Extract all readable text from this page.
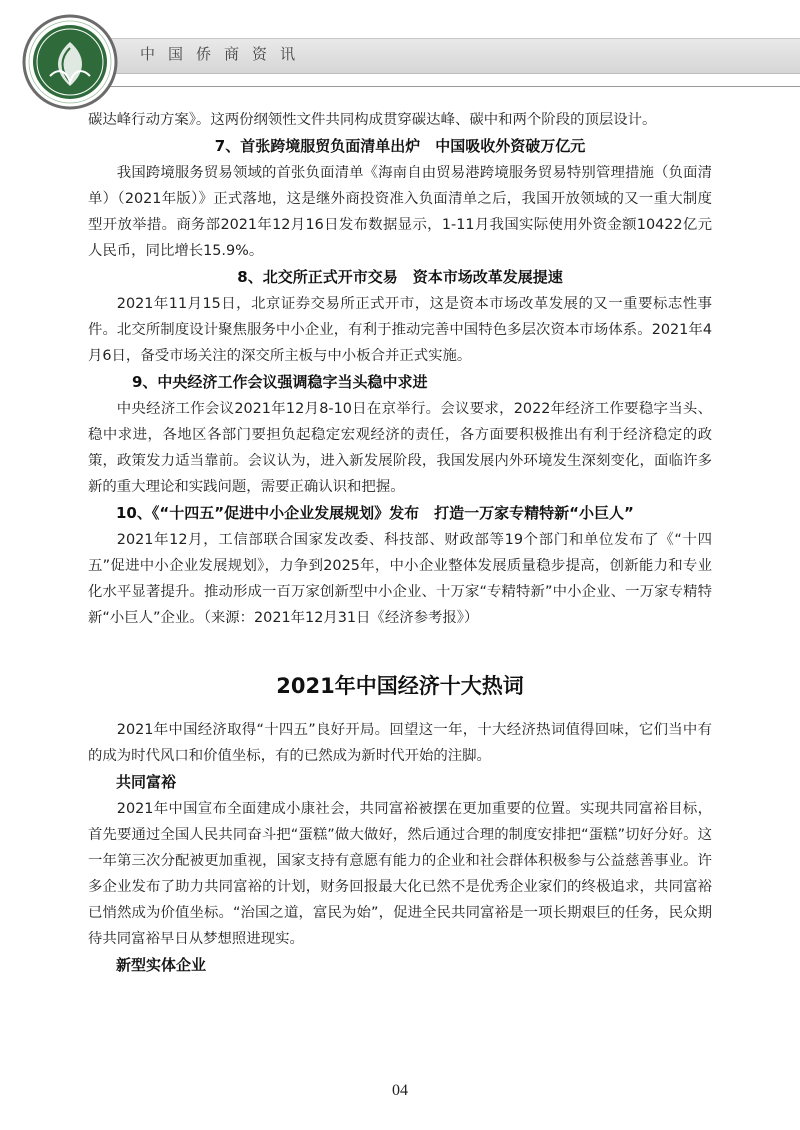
中国侨商资讯

碳达峰行动方案》。这两份纲领性文件共同构成贯穿碳达峰、碳中和两个阶段的顶层设计。

7、首张跨境服贸负面清单出炉　中国吸收外资破万亿元

我国跨境服务贸易领域的首张负面清单《海南自由贸易港跨境服务贸易特别管理措施（负面清单）（2021年版）》正式落地，这是继外商投资准入负面清单之后，我国开放领域的又一重大制度型开放举措。商务部2021年12月16日发布数据显示，1-11月我国实际使用外资金额10422亿元人民币，同比增长15.9%。

8、北交所正式开市交易　资本市场改革发展提速

2021年11月15日，北京证券交易所正式开市，这是资本市场改革发展的又一重要标志性事件。北交所制度设计聚焦服务中小企业，有利于推动完善中国特色多层次资本市场体系。2021年4月6日，备受市场关注的深交所主板与中小板合并正式实施。

9、中央经济工作会议强调稳字当头稳中求进

中央经济工作会议2021年12月8-10日在京举行。会议要求，2022年经济工作要稳字当头、稳中求进，各地区各部门要担负起稳定宏观经济的责任，各方面要积极推出有利于经济稳定的政策，政策发力适当靠前。会议认为，进入新发展阶段，我国发展内外环境发生深刻变化，面临许多新的重大理论和实践问题，需要正确认识和把握。

10、《“十四五”促进中小企业发展规划》发布　打造一万家专精特新“小巨人”

2021年12月，工信部联合国家发改委、科技部、财政部等19个部门和单位发布了《“十四五”促进中小企业发展规划》，力争到2025年，中小企业整体发展质量稳步提高，创新能力和专业化水平显著提升。推动形成一百万家创新型中小企业、十万家“专精特新”中小企业、一万家专精特新“小巨人”企业。（来源：2021年12月31日《经济参考报》）

2021年中国经济十大热词

2021年中国经济取得“十四五”良好开局。回望这一年，十大经济热词值得回味，它们当中有的成为时代风口和价值坐标，有的已然成为新时代开始的注脚。

共同富裕

2021年中国宣布全面建成小康社会，共同富裕被摆在更加重要的位置。实现共同富裕目标，首先要通过全国人民共同奋斗把“蛋糕”做大做好，然后通过合理的制度安排把“蛋糕”切好分好。这一年第三次分配被更加重视，国家支持有意愿有能力的企业和社会群体积极参与公益慈善事业。许多企业发布了助力共同富裕的计划，财务回报最大化已然不是优秀企业家们的终极追求，共同富裕已悄然成为价值坐标。“治国之道，富民为始”，促进全民共同富裕是一项长期艰巨的任务，民众期待共同富裕早日从梦想照进现实。

新型实体企业

04
